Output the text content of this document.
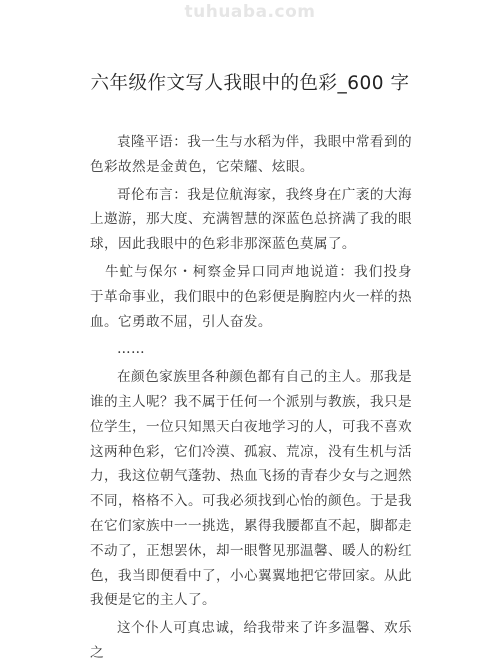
tuhuaba.com
六年级作文写人我眼中的色彩_600 字

袁隆平语：我一生与水稻为伴，我眼中常看到的色彩故然是金黄色，它荣耀、炫眼。

哥伦布言：我是位航海家，我终身在广袤的大海上遨游，那大度、充满智慧的深蓝色总挤满了我的眼球，因此我眼中的色彩非那深蓝色莫属了。

牛虻与保尔・柯察金异口同声地说道：我们投身于革命事业，我们眼中的色彩便是胸腔内火一样的热血。它勇敢不屈，引人奋发。

……

在颜色家族里各种颜色都有自己的主人。那我是谁的主人呢？我不属于任何一个派别与教族，我只是位学生，一位只知黑天白夜地学习的人，可我不喜欢这两种色彩，它们冷漠、孤寂、荒凉，没有生机与活力，我这位朝气蓬勃、热血飞扬的青春少女与之迥然不同，格格不入。可我必须找到心怡的颜色。于是我在它们家族中一一挑选，累得我腰都直不起，脚都走不动了，正想罢休，却一眼瞥见那温馨、暖人的粉红色，我当即便看中了，小心翼翼地把它带回家。从此我便是它的主人了。

这个仆人可真忠诚，给我带来了许多温馨、欢乐之
